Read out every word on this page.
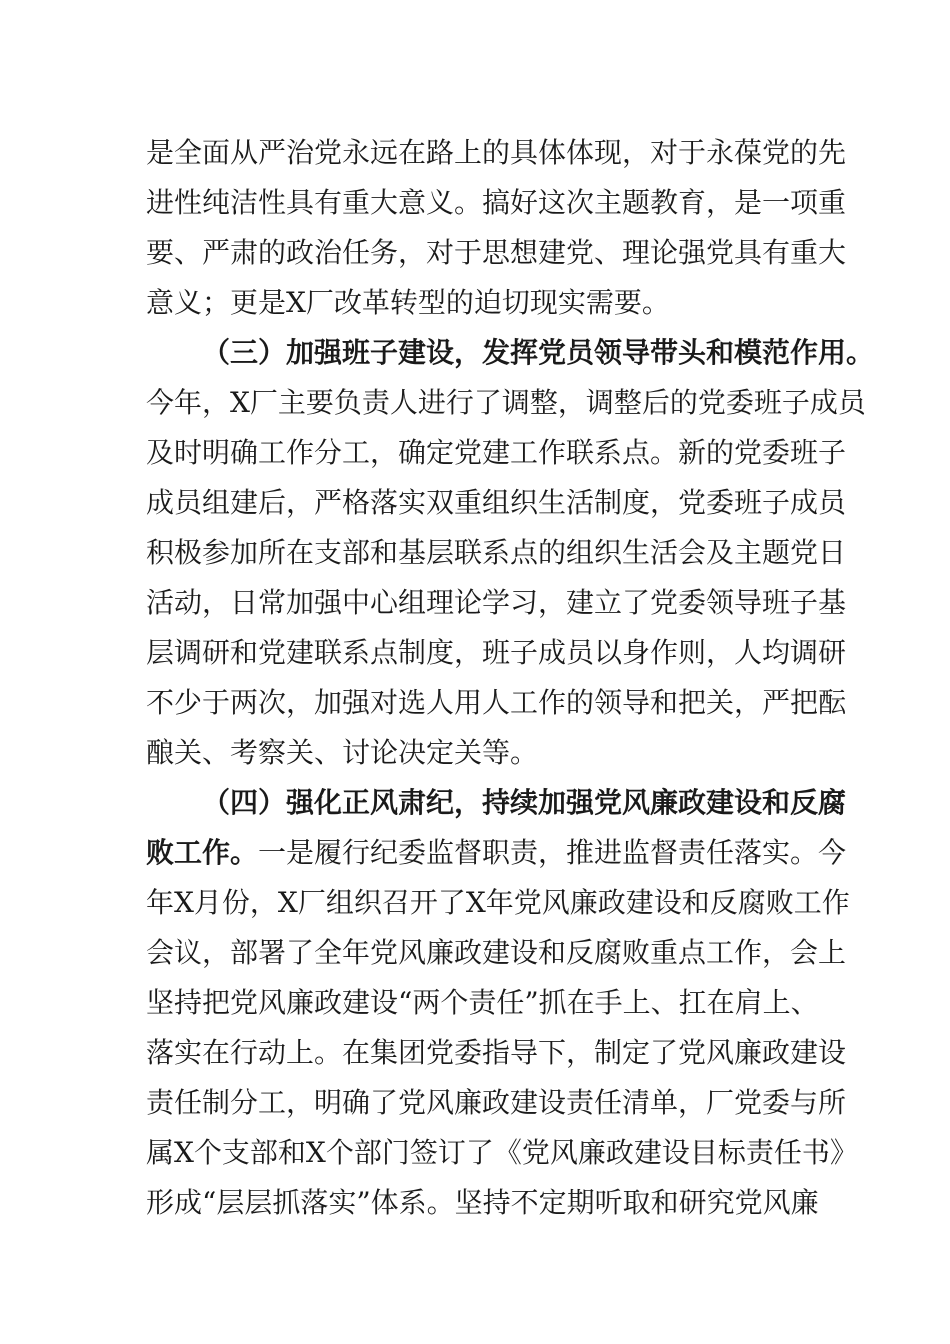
是全面从严治党永远在路上的具体体现，对于永葆党的先
进性纯洁性具有重大意义。搞好这次主题教育，是一项重
要、严肃的政治任务，对于思想建党、理论强党具有重大
意义；更是X厂改革转型的迫切现实需要。
（三）加强班子建设，发挥党员领导带头和模范作用。
今年，X厂主要负责人进行了调整，调整后的党委班子成员
及时明确工作分工，确定党建工作联系点。新的党委班子
成员组建后，严格落实双重组织生活制度，党委班子成员
积极参加所在支部和基层联系点的组织生活会及主题党日
活动，日常加强中心组理论学习，建立了党委领导班子基
层调研和党建联系点制度，班子成员以身作则，人均调研
不少于两次，加强对选人用人工作的领导和把关，严把酝
酿关、考察关、讨论决定关等。
（四）强化正风肃纪，持续加强党风廉政建设和反腐
败工作。一是履行纪委监督职责，推进监督责任落实。今
年X月份，X厂组织召开了X年党风廉政建设和反腐败工作
会议，部署了全年党风廉政建设和反腐败重点工作，会上
坚持把党风廉政建设“两个责任”抓在手上、扛在肩上、
落实在行动上。在集团党委指导下，制定了党风廉政建设
责任制分工，明确了党风廉政建设责任清单，厂党委与所
属X个支部和X个部门签订了《党风廉政建设目标责任书》
形成“层层抓落实”体系。坚持不定期听取和研究党风廉
